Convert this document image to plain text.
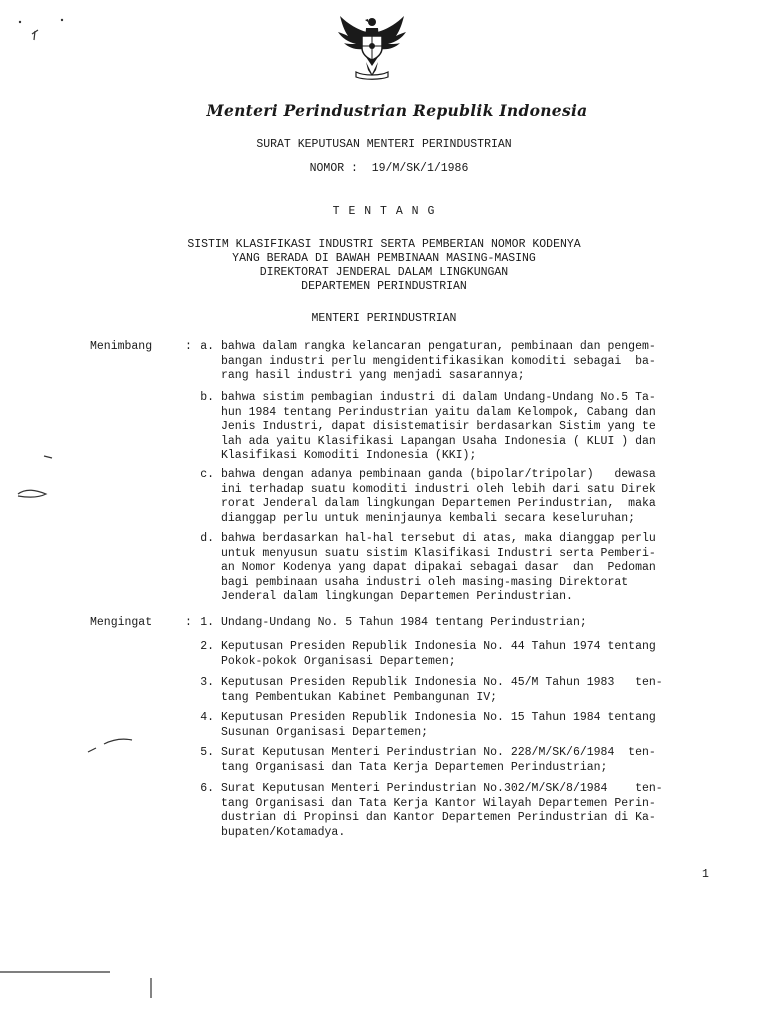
Menteri Perindustrian Republik Indonesia
SURAT KEPUTUSAN MENTERI PERINDUSTRIAN
NOMOR :  19/M/SK/1/1986
T E N T A N G
SISTIM KLASIFIKASI INDUSTRI SERTA PEMBERIAN NOMOR KODENYA
YANG BERADA DI BAWAH PEMBINAAN MASING-MASING
DIREKTORAT JENDERAL DALAM LINGKUNGAN
DEPARTEMEN PERINDUSTRIAN
MENTERI PERINDUSTRIAN
Menimbang	: a. bahwa dalam rangka kelancaran pengaturan, pembinaan dan pengem-
bangan industri perlu mengidentifikasikan komoditi sebagai  ba-
rang hasil industri yang menjadi sasarannya;
b. bahwa sistim pembagian industri di dalam Undang-Undang No.5 Ta-
hun 1984 tentang Perindustrian yaitu dalam Kelompok, Cabang dan
Jenis Industri, dapat disistematisir berdasarkan Sistim yang te
lah ada yaitu Klasifikasi Lapangan Usaha Indonesia ( KLUI ) dan
Klasifikasi Komoditi Indonesia (KKI);
c. bahwa dengan adanya pembinaan ganda (bipolar/tripolar)   dewasa
ini terhadap suatu komoditi industri oleh lebih dari satu Direk
rorat Jenderal dalam lingkungan Departemen Perindustrian,  maka
dianggap perlu untuk meninjaunya kembali secara keseluruhan;
d. bahwa berdasarkan hal-hal tersebut di atas, maka dianggap perlu
untuk menyusun suatu sistim Klasifikasi Industri serta Pemberi-
an Nomor Kodenya yang dapat dipakai sebagai dasar  dan  Pedoman
bagi pembinaan usaha industri oleh masing-masing Direktorat
Jenderal dalam lingkungan Departemen Perindustrian.
Mengingat	: 1. Undang-Undang No. 5 Tahun 1984 tentang Perindustrian;
2. Keputusan Presiden Republik Indonesia No. 44 Tahun 1974 tentang
Pokok-pokok Organisasi Departemen;
3. Keputusan Presiden Republik Indonesia No. 45/M Tahun 1983   ten-
tang Pembentukan Kabinet Pembangunan IV;
4. Keputusan Presiden Republik Indonesia No. 15 Tahun 1984 tentang
Susunan Organisasi Departemen;
5. Surat Keputusan Menteri Perindustrian No. 228/M/SK/6/1984  ten-
tang Organisasi dan Tata Kerja Departemen Perindustrian;
6. Surat Keputusan Menteri Perindustrian No.302/M/SK/8/1984    ten-
tang Organisasi dan Tata Kerja Kantor Wilayah Departemen Perin-
dustrian di Propinsi dan Kantor Departemen Perindustrian di Ka-
bupaten/Kotamadya.
1
